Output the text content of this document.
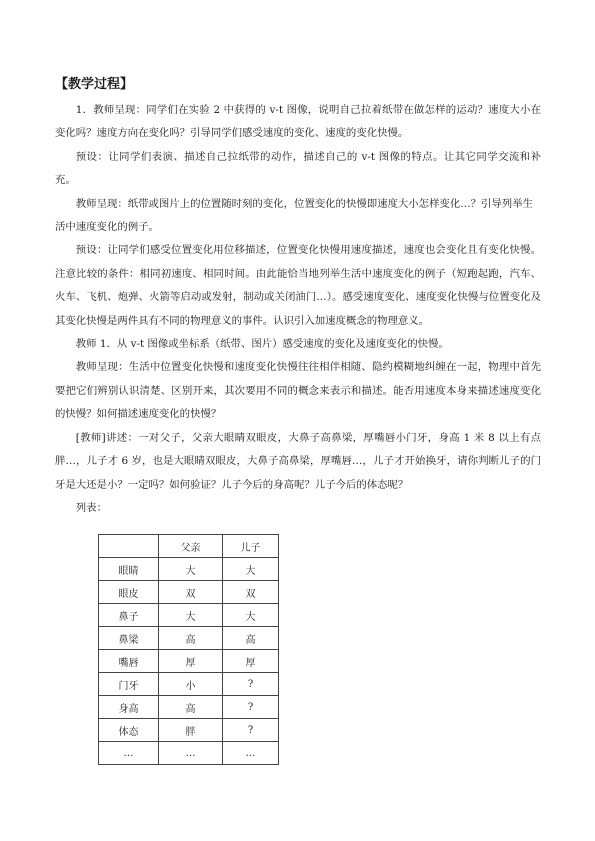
【教学过程】

1．教师呈现：同学们在实验 2 中获得的 v-t 图像，说明自己拉着纸带在做怎样的运动？速度大小在变化吗？速度方向在变化吗？引导同学们感受速度的变化、速度的变化快慢。

预设：让同学们表演、描述自己拉纸带的动作，描述自己的 v-t 图像的特点。让其它同学交流和补充。

教师呈现：纸带或图片上的位置随时刻的变化，位置变化的快慢即速度大小怎样变化…？引导列举生活中速度变化的例子。

预设：让同学们感受位置变化用位移描述，位置变化快慢用速度描述，速度也会变化且有变化快慢。注意比较的条件：相同初速度、相同时间。由此能恰当地列举生活中速度变化的例子（短跑起跑，汽车、火车、飞机、炮弹、火箭等启动或发射，制动或关闭油门…）。感受速度变化、速度变化快慢与位置变化及其变化快慢是两件具有不同的物理意义的事件。认识引入加速度概念的物理意义。

教师 1．从 v-t 图像或坐标系（纸带、图片）感受速度的变化及速度变化的快慢。

教师呈现：生活中位置变化快慢和速度变化快慢往往相伴相随、隐约模糊地纠缠在一起，物理中首先要把它们辨别认识清楚、区别开来，其次要用不同的概念来表示和描述。能否用速度本身来描述速度变化的快慢？如何描述速度变化的快慢？

[教师]讲述：一对父子，父亲大眼睛双眼皮，大鼻子高鼻梁，厚嘴唇小门牙，身高 1 米 8 以上有点胖…，儿子才 6 岁，也是大眼睛双眼皮，大鼻子高鼻梁，厚嘴唇…，儿子才开始换牙，请你判断儿子的门牙是大还是小？一定吗？如何验证？儿子今后的身高呢？儿子今后的体态呢？

列表：

	父亲	儿子
眼睛	大	大
眼皮	双	双
鼻子	大	大
鼻梁	高	高
嘴唇	厚	厚
门牙	小	?
身高	高	?
体态	胖	?
…	…	…
